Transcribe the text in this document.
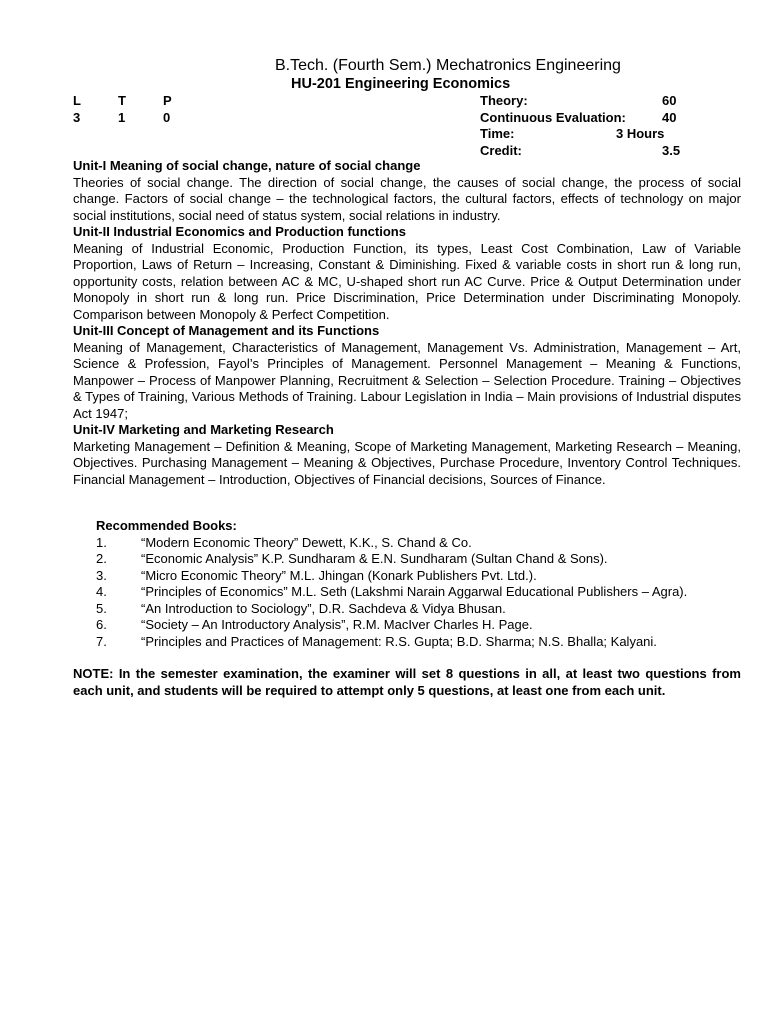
B.Tech. (Fourth Sem.) Mechatronics Engineering
HU-201 Engineering Economics
L	T	P
3	1	0
Theory:	60
Continuous Evaluation:	40
Time:	3 Hours
Credit:	3.5
Unit-I Meaning of social change, nature of social change

Theories of social change. The direction of social change, the causes of social change, the process of social change. Factors of social change – the technological factors, the cultural factors, effects of technology on major social institutions, social need of status system, social relations in industry.

Unit-II Industrial Economics and Production functions

Meaning of Industrial Economic, Production Function, its types, Least Cost Combination, Law of Variable Proportion, Laws of Return – Increasing, Constant & Diminishing. Fixed & variable costs in short run & long run, opportunity costs, relation between AC & MC, U-shaped short run AC Curve. Price & Output Determination under Monopoly in short run & long run. Price Discrimination, Price Determination under Discriminating Monopoly. Comparison between Monopoly & Perfect Competition.

Unit-III Concept of Management and its Functions

Meaning of Management, Characteristics of Management, Management Vs. Administration, Management – Art, Science & Profession, Fayol’s Principles of Management. Personnel Management – Meaning & Functions, Manpower – Process of Manpower Planning, Recruitment & Selection – Selection Procedure. Training – Objectives & Types of Training, Various Methods of Training. Labour Legislation in India – Main provisions of Industrial disputes Act 1947;

Unit-IV Marketing and Marketing Research

Marketing Management – Definition & Meaning, Scope of Marketing Management, Marketing Research – Meaning, Objectives. Purchasing Management – Meaning & Objectives, Purchase Procedure, Inventory Control Techniques. Financial Management – Introduction, Objectives of Financial decisions, Sources of Finance.

Recommended Books:
1.	“Modern Economic Theory” Dewett, K.K., S. Chand & Co.
2.	“Economic Analysis” K.P. Sundharam & E.N. Sundharam (Sultan Chand & Sons).
3.	“Micro Economic Theory” M.L. Jhingan (Konark Publishers Pvt. Ltd.).
4.	“Principles of Economics” M.L. Seth (Lakshmi Narain Aggarwal Educational Publishers – Agra).
5.	“An Introduction to Sociology”, D.R. Sachdeva & Vidya Bhusan.
6.	“Society – An Introductory Analysis”, R.M. MacIver Charles H. Page.
7.	“Principles and Practices of Management: R.S. Gupta; B.D. Sharma; N.S. Bhalla; Kalyani.
NOTE: In the semester examination, the examiner will set 8 questions in all, at least two questions from each unit, and students will be required to attempt only 5 questions, at least one from each unit.
